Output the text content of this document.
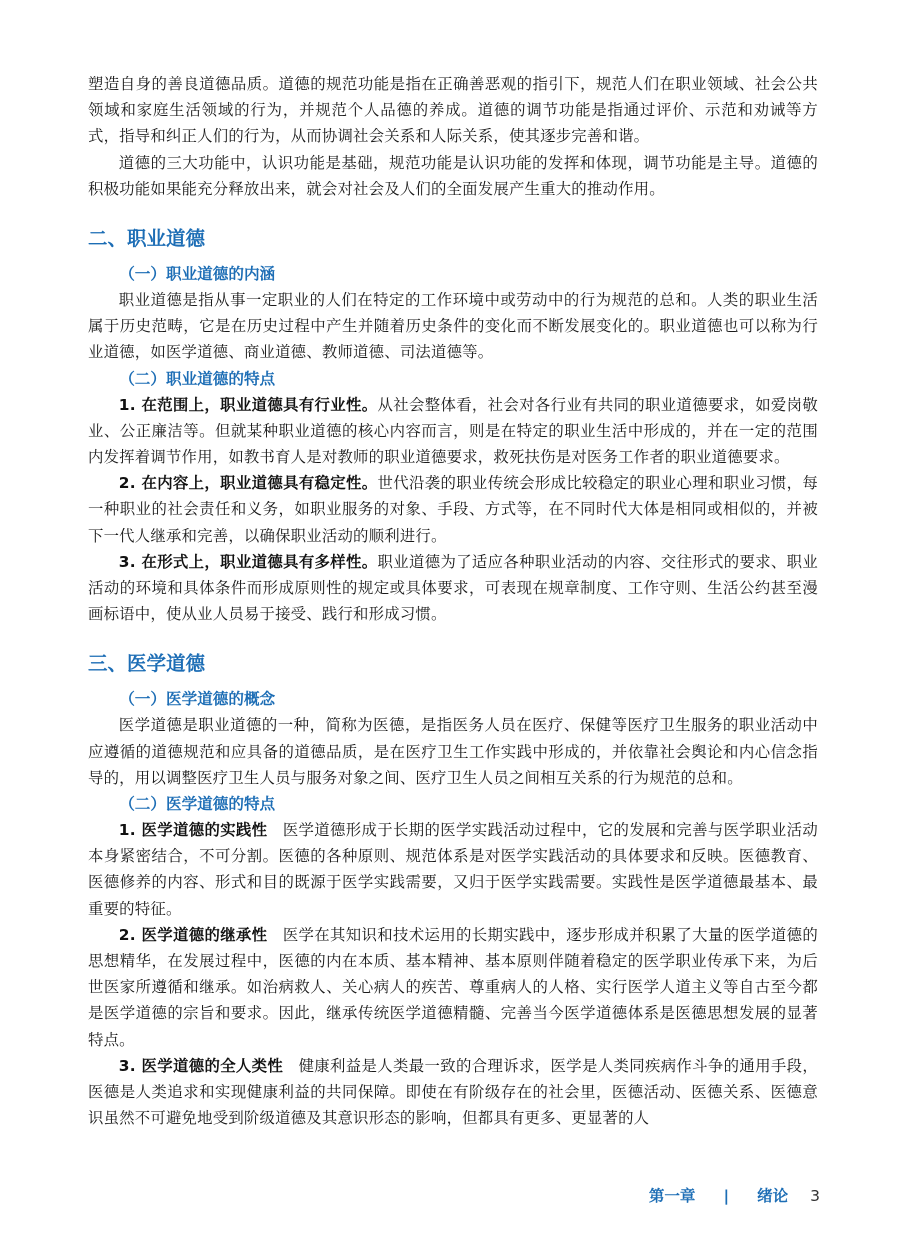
塑造自身的善良道德品质。道德的规范功能是指在正确善恶观的指引下，规范人们在职业领域、社会公共领域和家庭生活领域的行为，并规范个人品德的养成。道德的调节功能是指通过评价、示范和劝诫等方式，指导和纠正人们的行为，从而协调社会关系和人际关系，使其逐步完善和谐。

道德的三大功能中，认识功能是基础，规范功能是认识功能的发挥和体现，调节功能是主导。道德的积极功能如果能充分释放出来，就会对社会及人们的全面发展产生重大的推动作用。

二、职业道德
（一）职业道德的内涵

职业道德是指从事一定职业的人们在特定的工作环境中或劳动中的行为规范的总和。人类的职业生活属于历史范畴，它是在历史过程中产生并随着历史条件的变化而不断发展变化的。职业道德也可以称为行业道德，如医学道德、商业道德、教师道德、司法道德等。

（二）职业道德的特点

1. 在范围上，职业道德具有行业性。从社会整体看，社会对各行业有共同的职业道德要求，如爱岗敬业、公正廉洁等。但就某种职业道德的核心内容而言，则是在特定的职业生活中形成的，并在一定的范围内发挥着调节作用，如教书育人是对教师的职业道德要求，救死扶伤是对医务工作者的职业道德要求。

2. 在内容上，职业道德具有稳定性。世代沿袭的职业传统会形成比较稳定的职业心理和职业习惯，每一种职业的社会责任和义务，如职业服务的对象、手段、方式等，在不同时代大体是相同或相似的，并被下一代人继承和完善，以确保职业活动的顺利进行。

3. 在形式上，职业道德具有多样性。职业道德为了适应各种职业活动的内容、交往形式的要求、职业活动的环境和具体条件而形成原则性的规定或具体要求，可表现在规章制度、工作守则、生活公约甚至漫画标语中，使从业人员易于接受、践行和形成习惯。

三、医学道德
（一）医学道德的概念

医学道德是职业道德的一种，简称为医德，是指医务人员在医疗、保健等医疗卫生服务的职业活动中应遵循的道德规范和应具备的道德品质，是在医疗卫生工作实践中形成的，并依靠社会舆论和内心信念指导的，用以调整医疗卫生人员与服务对象之间、医疗卫生人员之间相互关系的行为规范的总和。

（二）医学道德的特点

1. 医学道德的实践性 医学道德形成于长期的医学实践活动过程中，它的发展和完善与医学职业活动本身紧密结合，不可分割。医德的各种原则、规范体系是对医学实践活动的具体要求和反映。医德教育、医德修养的内容、形式和目的既源于医学实践需要，又归于医学实践需要。实践性是医学道德最基本、最重要的特征。

2. 医学道德的继承性 医学在其知识和技术运用的长期实践中，逐步形成并积累了大量的医学道德的思想精华，在发展过程中，医德的内在本质、基本精神、基本原则伴随着稳定的医学职业传承下来，为后世医家所遵循和继承。如治病救人、关心病人的疾苦、尊重病人的人格、实行医学人道主义等自古至今都是医学道德的宗旨和要求。因此，继承传统医学道德精髓、完善当今医学道德体系是医德思想发展的显著特点。

3. 医学道德的全人类性 健康利益是人类最一致的合理诉求，医学是人类同疾病作斗争的通用手段，医德是人类追求和实现健康利益的共同保障。即使在有阶级存在的社会里，医德活动、医德关系、医德意识虽然不可避免地受到阶级道德及其意识形态的影响，但都具有更多、更显著的人

第一章 | 绪论 3
